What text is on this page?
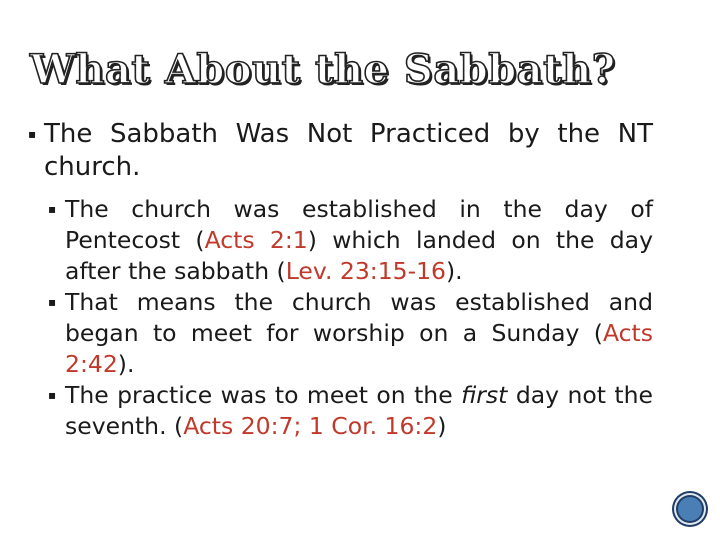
What About the Sabbath?
▪ The Sabbath Was Not Practiced by the NT church.
▪ The church was established in the day of Pentecost (Acts 2:1) which landed on the day after the sabbath (Lev. 23:15-16).
▪ That means the church was established and began to meet for worship on a Sunday (Acts 2:42).
▪ The practice was to meet on the first day not the seventh. (Acts 20:7; 1 Cor. 16:2)
